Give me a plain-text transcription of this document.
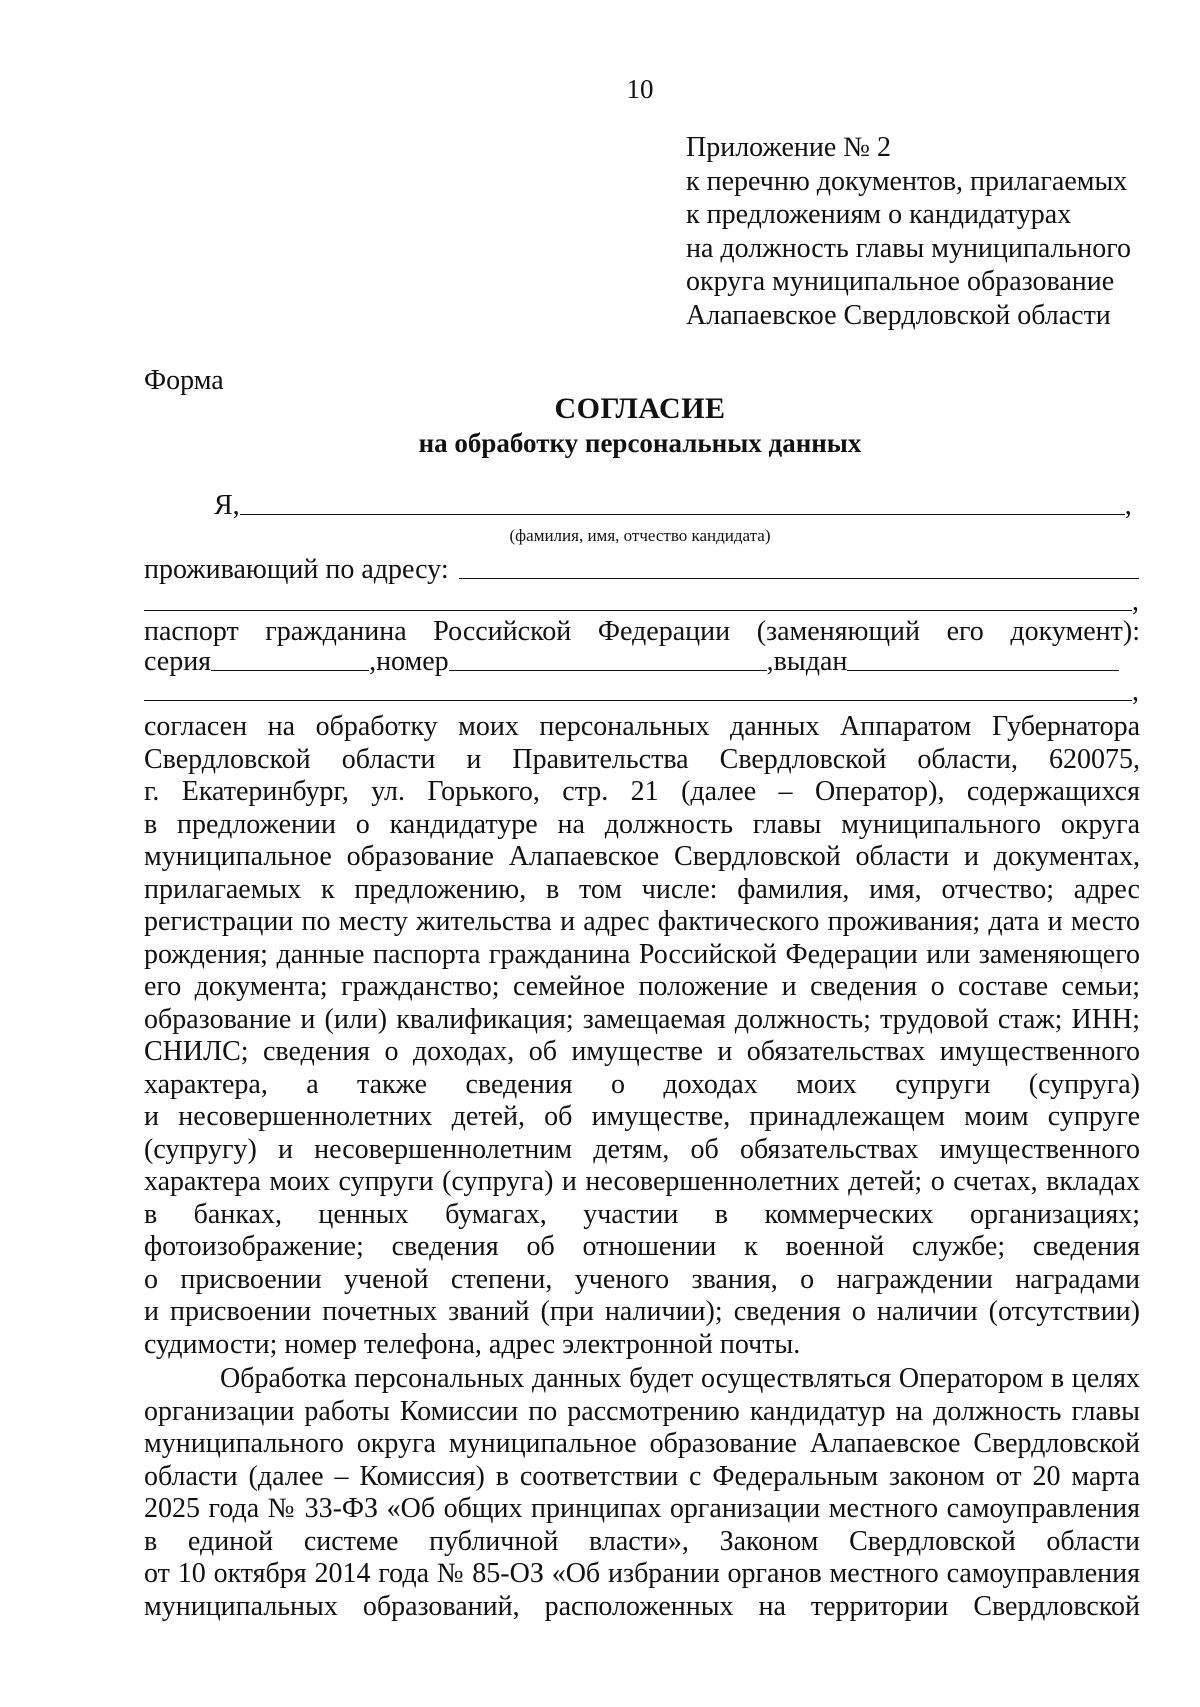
10
Приложение № 2
к перечню документов, прилагаемых
к предложениям о кандидатурах
на должность главы муниципального
округа муниципальное образование
Алапаевское Свердловской области
Форма
СОГЛАСИЕ
на обработку персональных данных
Я,	,
(фамилия, имя, отчество кандидата)
проживающий по адресу:
,
паспорт гражданина Российской Федерации (заменяющий его документ):
серия	,номер	,выдан
,
согласен на обработку моих персональных данных Аппаратом Губернатора
Свердловской области и Правительства Свердловской области, 620075,
г. Екатеринбург, ул. Горького, стр. 21 (далее – Оператор), содержащихся
в предложении о кандидатуре на должность главы муниципального округа
муниципальное образование Алапаевское Свердловской области и документах,
прилагаемых к предложению, в том числе: фамилия, имя, отчество; адрес
регистрации по месту жительства и адрес фактического проживания; дата и место
рождения; данные паспорта гражданина Российской Федерации или заменяющего
его документа; гражданство; семейное положение и сведения о составе семьи;
образование и (или) квалификация; замещаемая должность; трудовой стаж; ИНН;
СНИЛС; сведения о доходах, об имуществе и обязательствах имущественного
характера, а также сведения о доходах моих супруги (супруга)
и несовершеннолетних детей, об имуществе, принадлежащем моим супруге
(супругу) и несовершеннолетним детям, об обязательствах имущественного
характера моих супруги (супруга) и несовершеннолетних детей; о счетах, вкладах
в банках, ценных бумагах, участии в коммерческих организациях;
фотоизображение; сведения об отношении к военной службе; сведения
о присвоении ученой степени, ученого звания, о награждении наградами
и присвоении почетных званий (при наличии); сведения о наличии (отсутствии)
судимости; номер телефона, адрес электронной почты.
Обработка персональных данных будет осуществляться Оператором в целях
организации работы Комиссии по рассмотрению кандидатур на должность главы
муниципального округа муниципальное образование Алапаевское Свердловской
области (далее – Комиссия) в соответствии с Федеральным законом от 20 марта
2025 года № 33-ФЗ «Об общих принципах организации местного самоуправления
в единой системе публичной власти», Законом Свердловской области
от 10 октября 2014 года № 85-ОЗ «Об избрании органов местного самоуправления
муниципальных образований, расположенных на территории Свердловской
